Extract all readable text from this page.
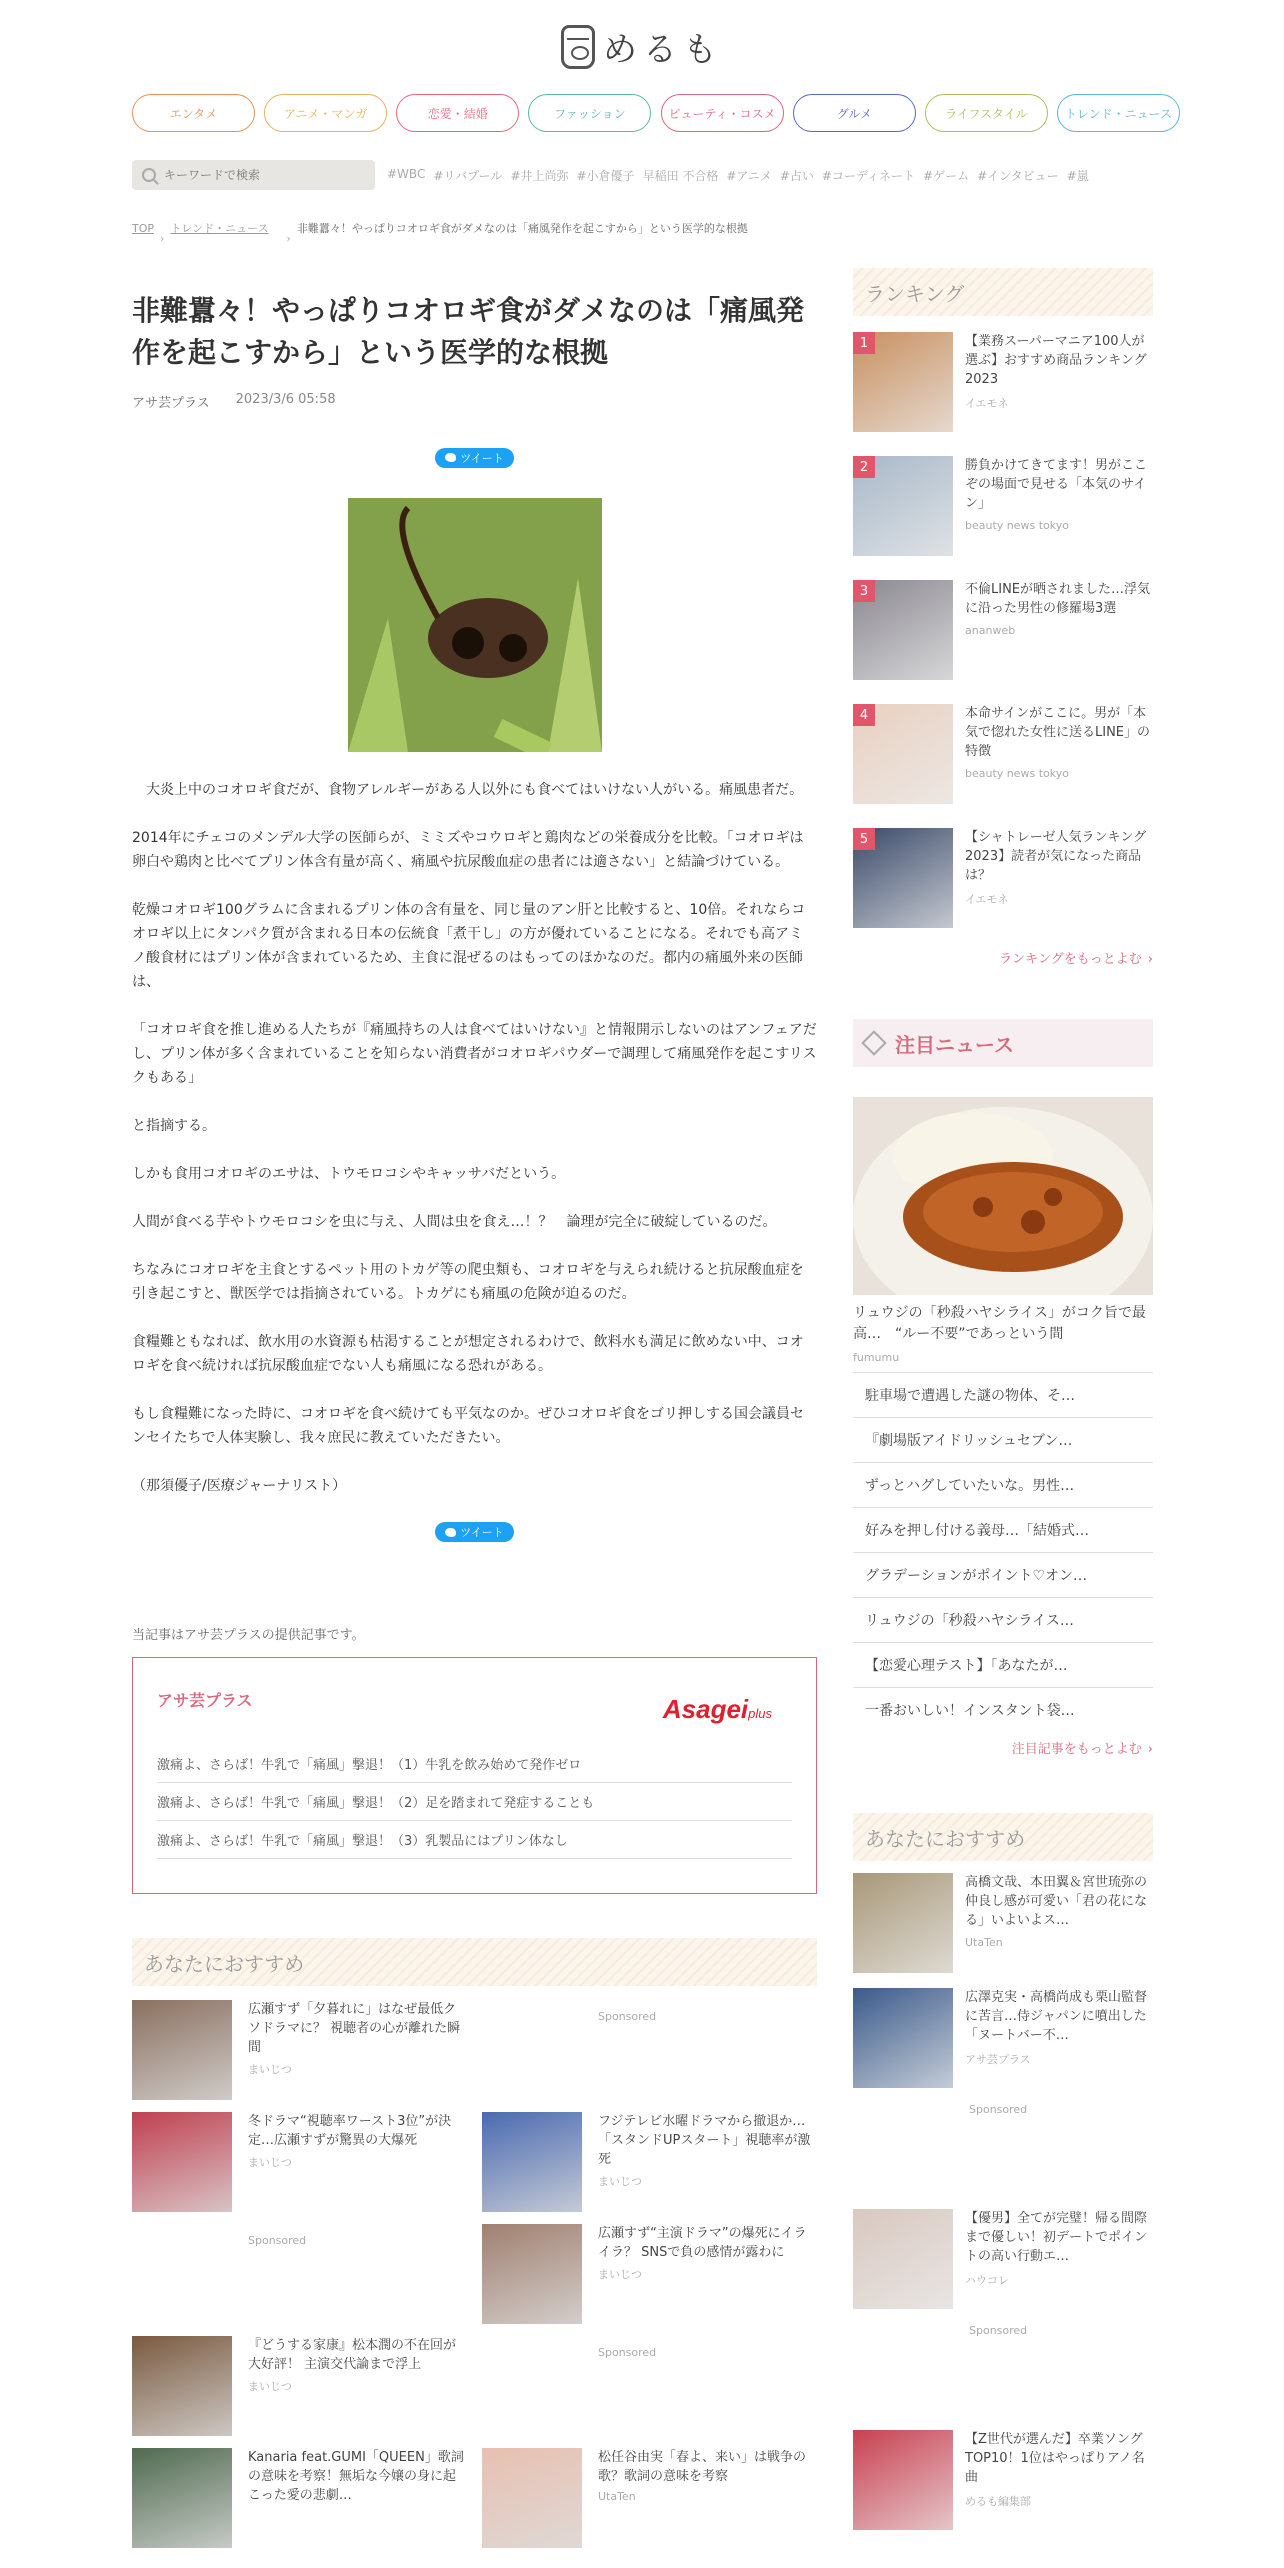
めるも
エンタメ	アニメ・マンガ	恋愛・結婚	ファッション	ビューティ・コスメ	グルメ	ライフスタイル	トレンド・ニュース
キーワードで検索
#WBC #リバプール #井上尚弥 #小倉優子 早稲田 不合格 #アニメ #占い #コーディネート #ゲーム #インタビュー #嵐
TOP
›
トレンド・ニュース
›
非難囂々！やっぱりコオロギ食がダメなのは「痛風発作を起こすから」という医学的な根拠
非難囂々！やっぱりコオロギ食がダメなのは「痛風発作を起こすから」という医学的な根拠
アサ芸プラス 2023/3/6 05:58
ツイート

　大炎上中のコオロギ食だが、食物アレルギーがある人以外にも食べてはいけない人がいる。痛風患者だ。

2014年にチェコのメンデル大学の医師らが、ミミズやコウロギと鶏肉などの栄養成分を比較。「コオロギは卵白や鶏肉と比べてプリン体含有量が高く、痛風や抗尿酸血症の患者には適さない」と結論づけている。

乾燥コオロギ100グラムに含まれるプリン体の含有量を、同じ量のアン肝と比較すると、10倍。それならコオロギ以上にタンパク質が含まれる日本の伝統食「煮干し」の方が優れていることになる。それでも高アミノ酸食材にはプリン体が含まれているため、主食に混ぜるのはもってのほかなのだ。都内の痛風外来の医師は、

「コオロギ食を推し進める人たちが『痛風持ちの人は食べてはいけない』と情報開示しないのはアンフェアだし、プリン体が多く含まれていることを知らない消費者がコオロギパウダーで調理して痛風発作を起こすリスクもある」

と指摘する。

しかも食用コオロギのエサは、トウモロコシやキャッサバだという。

人間が食べる芋やトウモロコシを虫に与え、人間は虫を食え…！？　論理が完全に破綻しているのだ。

ちなみにコオロギを主食とするペット用のトカゲ等の爬虫類も、コオロギを与えられ続けると抗尿酸血症を引き起こすと、獣医学では指摘されている。トカゲにも痛風の危険が迫るのだ。

食糧難ともなれば、飲水用の水資源も枯渇することが想定されるわけで、飲料水も満足に飲めない中、コオロギを食べ続ければ抗尿酸血症でない人も痛風になる恐れがある。

もし食糧難になった時に、コオロギを食べ続けても平気なのか。ぜひコオロギ食をゴリ押しする国会議員センセイたちで人体実験し、我々庶民に教えていただきたい。

（那須優子/医療ジャーナリスト）

ツイート
当記事はアサ芸プラスの提供記事です。
アサ芸プラス	Asageiplus
激痛よ、さらば！牛乳で「痛風」撃退！（1）牛乳を飲み始めて発作ゼロ
激痛よ、さらば！牛乳で「痛風」撃退！（2）足を踏まれて発症することも
激痛よ、さらば！牛乳で「痛風」撃退！（3）乳製品にはプリン体なし
あなたにおすすめ
広瀬すず「夕暮れに」はなぜ最低クソドラマに？ 視聴者の心が離れた瞬間
まいじつ
冬ドラマ“視聴率ワースト3位”が決定…広瀬すずが驚異の大爆死
まいじつ
Sponsored
『どうする家康』松本潤の不在回が大好評！ 主演交代論まで浮上
まいじつ
Kanaria feat.GUMI「QUEEN」歌詞の意味を考察！無垢な今嬢の身に起こった愛の悲劇…
Sponsored
フジテレビ水曜ドラマから撤退か…「スタンドUPスタート」視聴率が激死
まいじつ
広瀬すず“主演ドラマ”の爆死にイライラ？ SNSで負の感情が露わに
まいじつ
Sponsored
松任谷由実「春よ、来い」は戦争の歌？歌詞の意味を考察
UtaTen
ランキング
1	【業務スーパーマニア100人が選ぶ】おすすめ商品ランキング2023
イエモネ
2	勝負かけてきてます！男がここぞの場面で見せる「本気のサイン」
beauty news tokyo
3	不倫LINEが晒されました…浮気に沿った男性の修羅場3選
ananweb
4	本命サインがここに。男が「本気で惚れた女性に送るLINE」の特徴
beauty news tokyo
5	【シャトレーゼ人気ランキング2023】読者が気になった商品は？
イエモネ
ランキングをもっとよむ ›
注目ニュース
リュウジの「秒殺ハヤシライス」がコク旨で最高…　“ルー不要”であっという間
fumumu
駐車場で遭遇した謎の物体、そ…
『劇場版アイドリッシュセブン…
ずっとハグしていたいな。男性…
好みを押し付ける義母…「結婚式…
グラデーションがポイント♡オン…
リュウジの「秒殺ハヤシライス…
【恋愛心理テスト】「あなたが…
一番おいしい！インスタント袋…
注目記事をもっとよむ ›
あなたにおすすめ
高橋文哉、本田翼＆宮世琉弥の仲良し感が可愛い「君の花になる」いよいよス…
UtaTen
広澤克実・高橋尚成も栗山監督に苦言…侍ジャパンに噴出した「ヌートバー不…
アサ芸プラス
Sponsored
【優男】全てが完璧！帰る間際まで優しい！初デートでポイントの高い行動エ…
ハウコレ
Sponsored
【Z世代が選んだ】卒業ソングTOP10！1位はやっぱりアノ名曲
めるも編集部
